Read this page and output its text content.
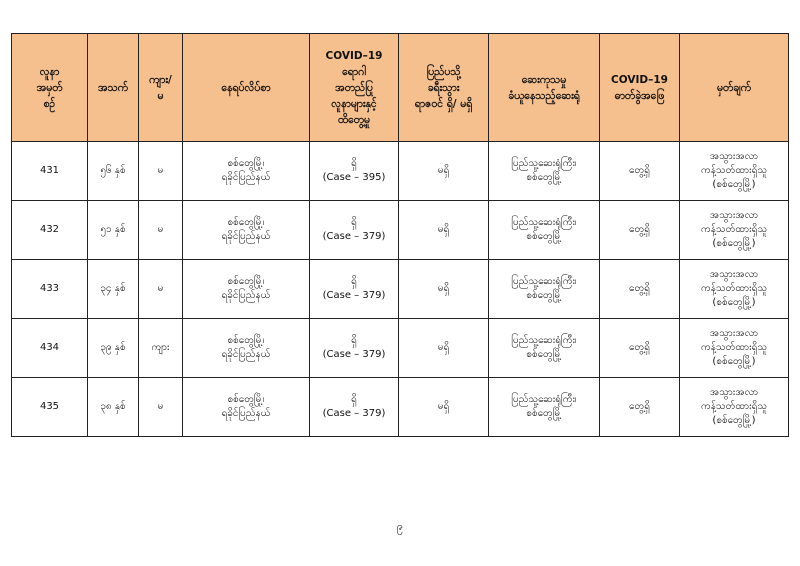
လူနာ
အမှတ်
စဉ်	အသက်	ကျား/
မ	နေရပ်လိပ်စာ	COVID–19
ရောဂါ
အတည်ပြု
လူနာများနှင့်
ထိတွေ့မှု	ပြည်ပသို့
ခရီးသွား
ရာဇဝင် ရှိ/ မရှိ	ဆေးကုသမှု
ခံယူနေသည့်ဆေးရုံ	COVID–19
ဓာတ်ခွဲအဖြေ	မှတ်ချက်

431	၅၆ နှစ်	မ	စစ်တွေမြို့၊
ရခိုင်ပြည်နယ်	ရှိ
(Case – 395)	မရှိ	ပြည်သူ့ဆေးရုံကြီး၊
စစ်တွေမြို့	တွေ့ရှိ	အသွားအလာ
ကန့်သတ်ထားရှိသူ
(စစ်တွေမြို့)

432	၅၁ နှစ်	မ	စစ်တွေမြို့၊
ရခိုင်ပြည်နယ်	ရှိ
(Case – 379)	မရှိ	ပြည်သူ့ဆေးရုံကြီး၊
စစ်တွေမြို့	တွေ့ရှိ	အသွားအလာ
ကန့်သတ်ထားရှိသူ
(စစ်တွေမြို့)

433	၃၄ နှစ်	မ	စစ်တွေမြို့၊
ရခိုင်ပြည်နယ်	ရှိ
(Case – 379)	မရှိ	ပြည်သူ့ဆေးရုံကြီး၊
စစ်တွေမြို့	တွေ့ရှိ	အသွားအလာ
ကန့်သတ်ထားရှိသူ
(စစ်တွေမြို့)

434	၃၉ နှစ်	ကျား	စစ်တွေမြို့၊
ရခိုင်ပြည်နယ်	ရှိ
(Case – 379)	မရှိ	ပြည်သူ့ဆေးရုံကြီး၊
စစ်တွေမြို့	တွေ့ရှိ	အသွားအလာ
ကန့်သတ်ထားရှိသူ
(စစ်တွေမြို့)

435	၃၈ နှစ်	မ	စစ်တွေမြို့၊
ရခိုင်ပြည်နယ်	ရှိ
(Case – 379)	မရှိ	ပြည်သူ့ဆေးရုံကြီး၊
စစ်တွေမြို့	တွေ့ရှိ	အသွားအလာ
ကန့်သတ်ထားရှိသူ
(စစ်တွေမြို့)
၉
